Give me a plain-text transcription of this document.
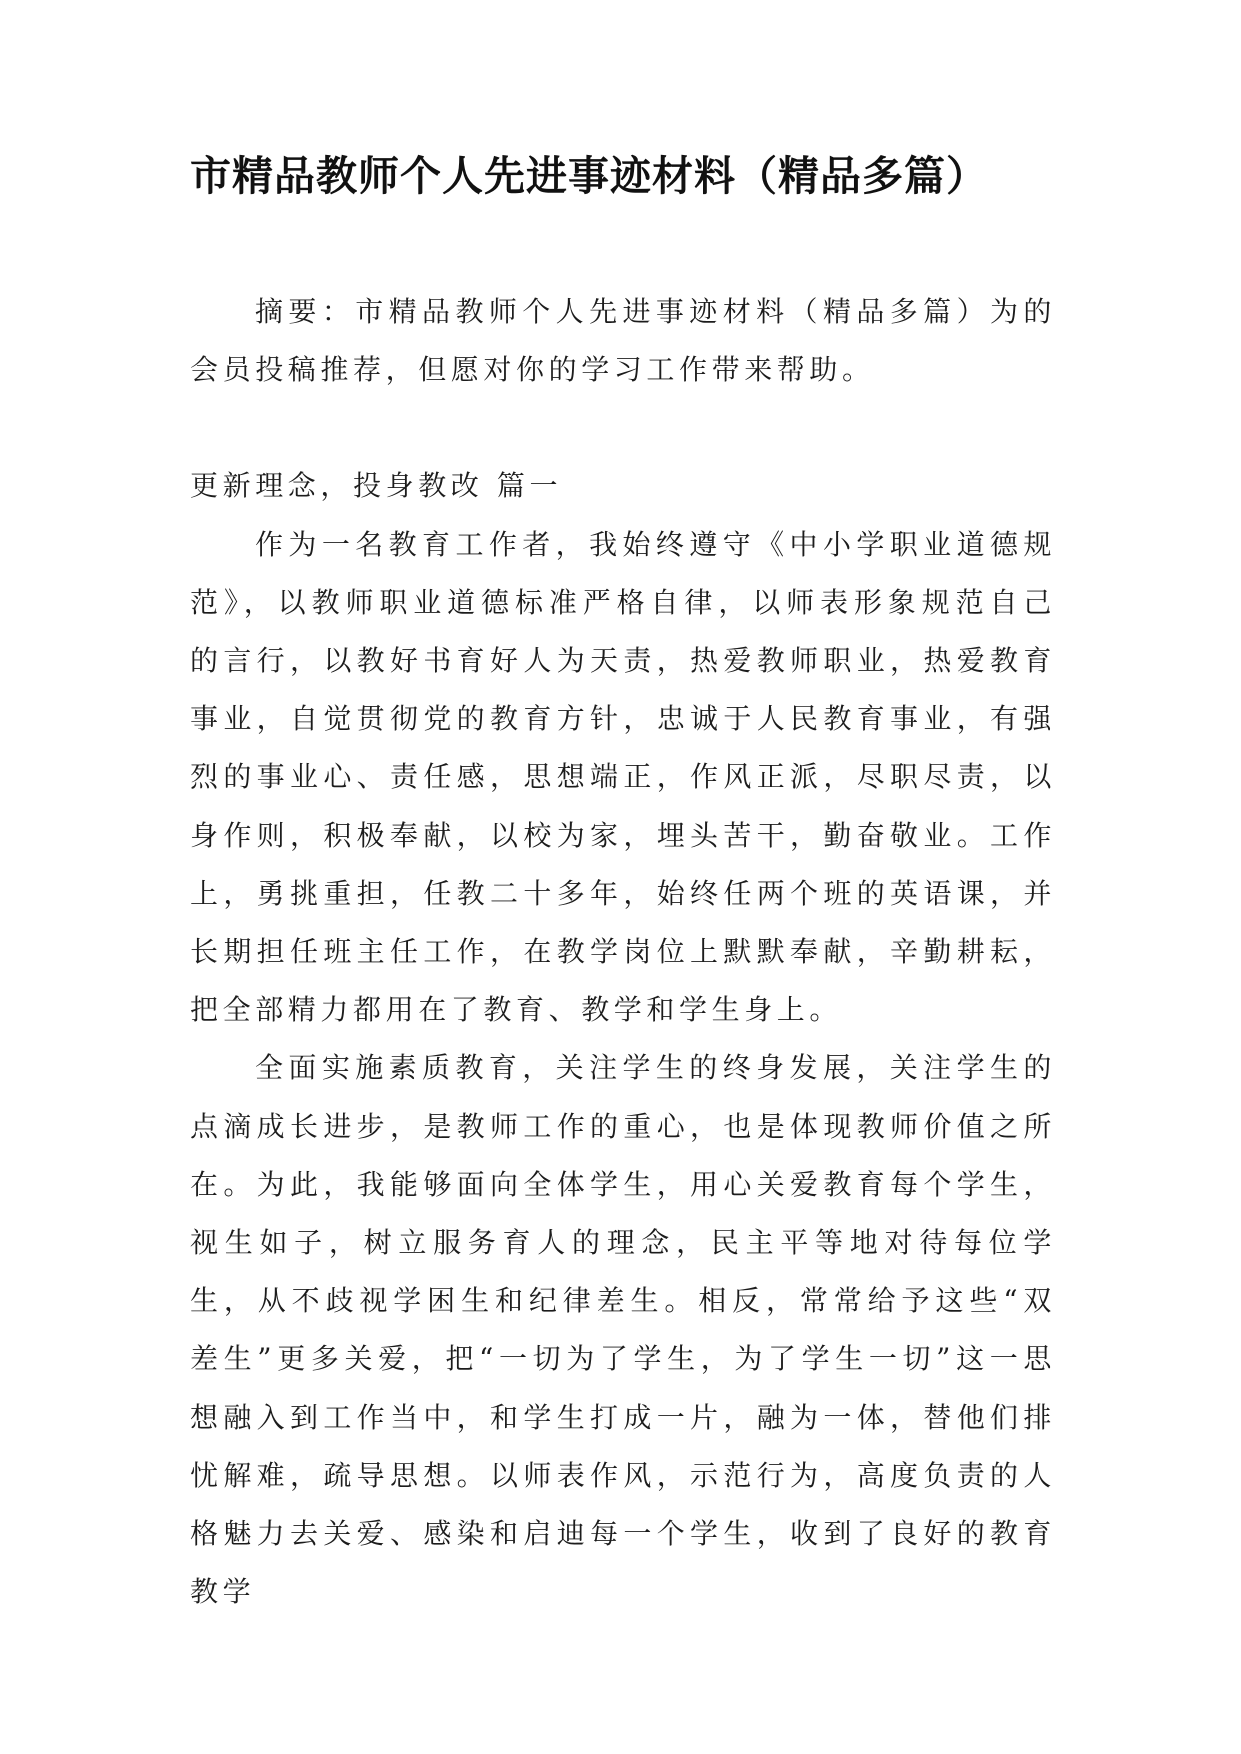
市精品教师个人先进事迹材料（精品多篇）

摘要：市精品教师个人先进事迹材料（精品多篇）为的会员投稿推荐，但愿对你的学习工作带来帮助。

更新理念，投身教改 篇一

作为一名教育工作者，我始终遵守《中小学职业道德规范》，以教师职业道德标准严格自律，以师表形象规范自己的言行，以教好书育好人为天责，热爱教师职业，热爱教育事业，自觉贯彻党的教育方针，忠诚于人民教育事业，有强烈的事业心、责任感，思想端正，作风正派，尽职尽责，以身作则，积极奉献，以校为家，埋头苦干，勤奋敬业。工作上，勇挑重担，任教二十多年，始终任两个班的英语课，并长期担任班主任工作，在教学岗位上默默奉献，辛勤耕耘，把全部精力都用在了教育、教学和学生身上。

全面实施素质教育，关注学生的终身发展，关注学生的点滴成长进步，是教师工作的重心，也是体现教师价值之所在。为此，我能够面向全体学生，用心关爱教育每个学生，视生如子，树立服务育人的理念，民主平等地对待每位学生，从不歧视学困生和纪律差生。相反，常常给予这些“双差生”更多关爱，把“一切为了学生，为了学生一切”这一思想融入到工作当中，和学生打成一片，融为一体，替他们排忧解难，疏导思想。以师表作风，示范行为，高度负责的人格魅力去关爱、感染和启迪每一个学生，收到了良好的教育教学
